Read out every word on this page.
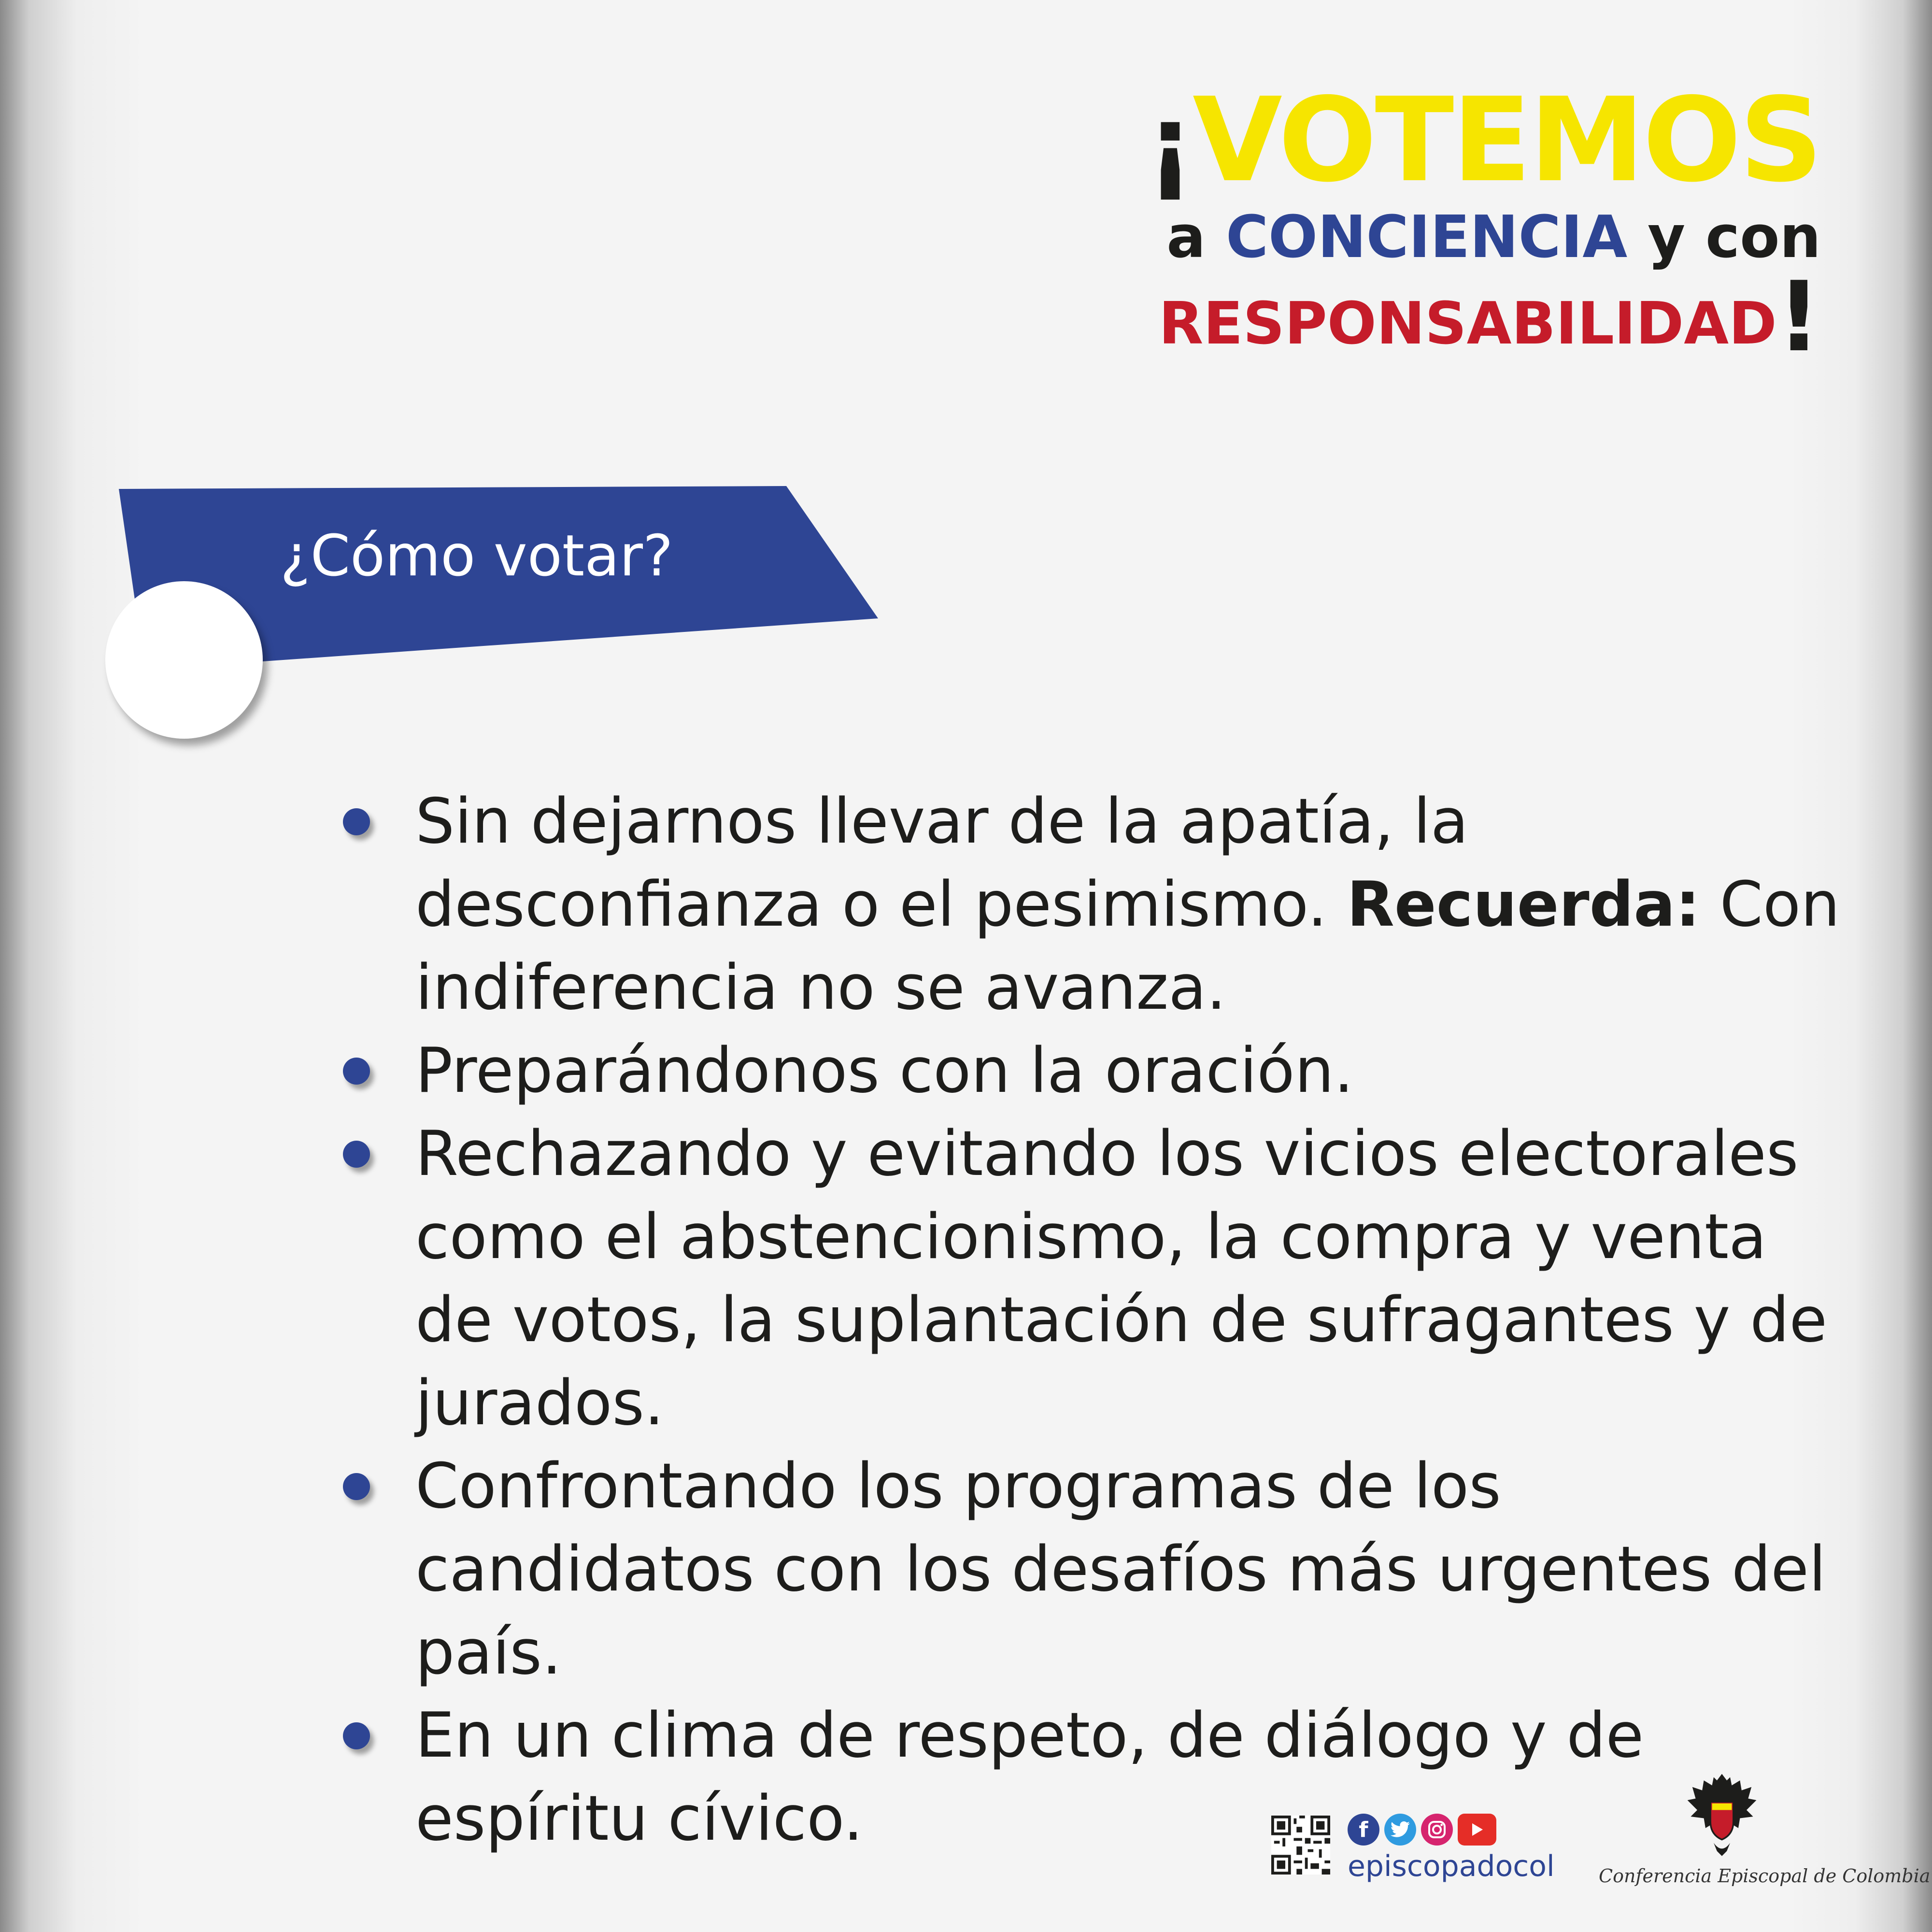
¡VOTEMOS
a CONCIENCIA y con
RESPONSABILIDAD!
¿Cómo votar?
Sin dejarnos llevar de la apatía, la desconfianza o el pesimismo. Recuerda: Con indiferencia no se avanza.
Preparándonos con la oración.
Rechazando y evitando los vicios electorales como el abstencionismo, la compra y venta de votos, la suplantación de sufragantes y de jurados.
Confrontando los programas de los candidatos con los desafíos más urgentes del país.
En un clima de respeto, de diálogo y de espíritu cívico.	f
episcopadocol Conferencia Episcopal de Colombia
